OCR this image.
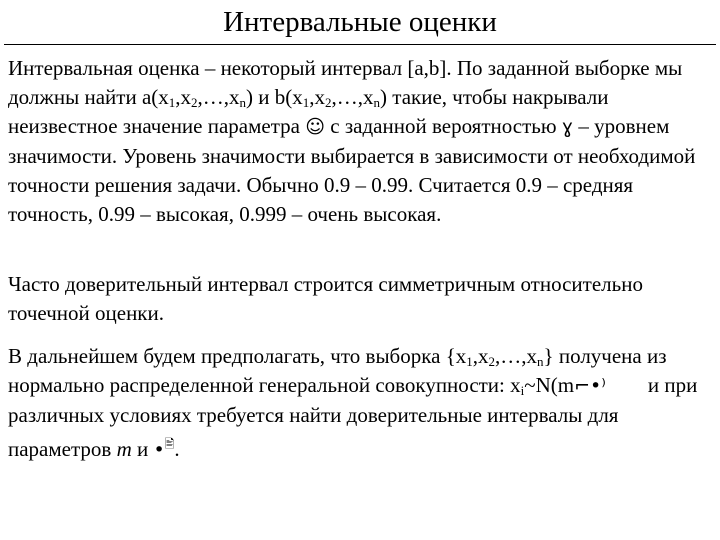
Интервальные оценки
Интервальная оценка – некоторый интервал [a,b]. По заданной выборке мы должны найти $a(x_1,x_2,\dots,x_n)$ и $b(x_1,x_2,\dots,x_n)$ такие, чтобы накрывали неизвестное значение параметра ☺ с заданной вероятностью ɣ – уровнем значимости. Уровень значимости выбирается в зависимости от необходимой точности решения задачи. Обычно 0.9 – 0.99. Считается 0.9 – средняя точность, 0.99 – высокая, 0.999 – очень высокая.
Часто доверительный интервал строится симметричным относительно точечной оценки.
В дальнейшем будем предполагать, что выборка $\{x_1,x_2,\dots,x_n\}$ получена из нормально распределенной генеральной совокупности: $x_i\sim N(m⌐•^)$ и при различных условиях требуется найти доверительные интервалы для параметров m и •🖹.
